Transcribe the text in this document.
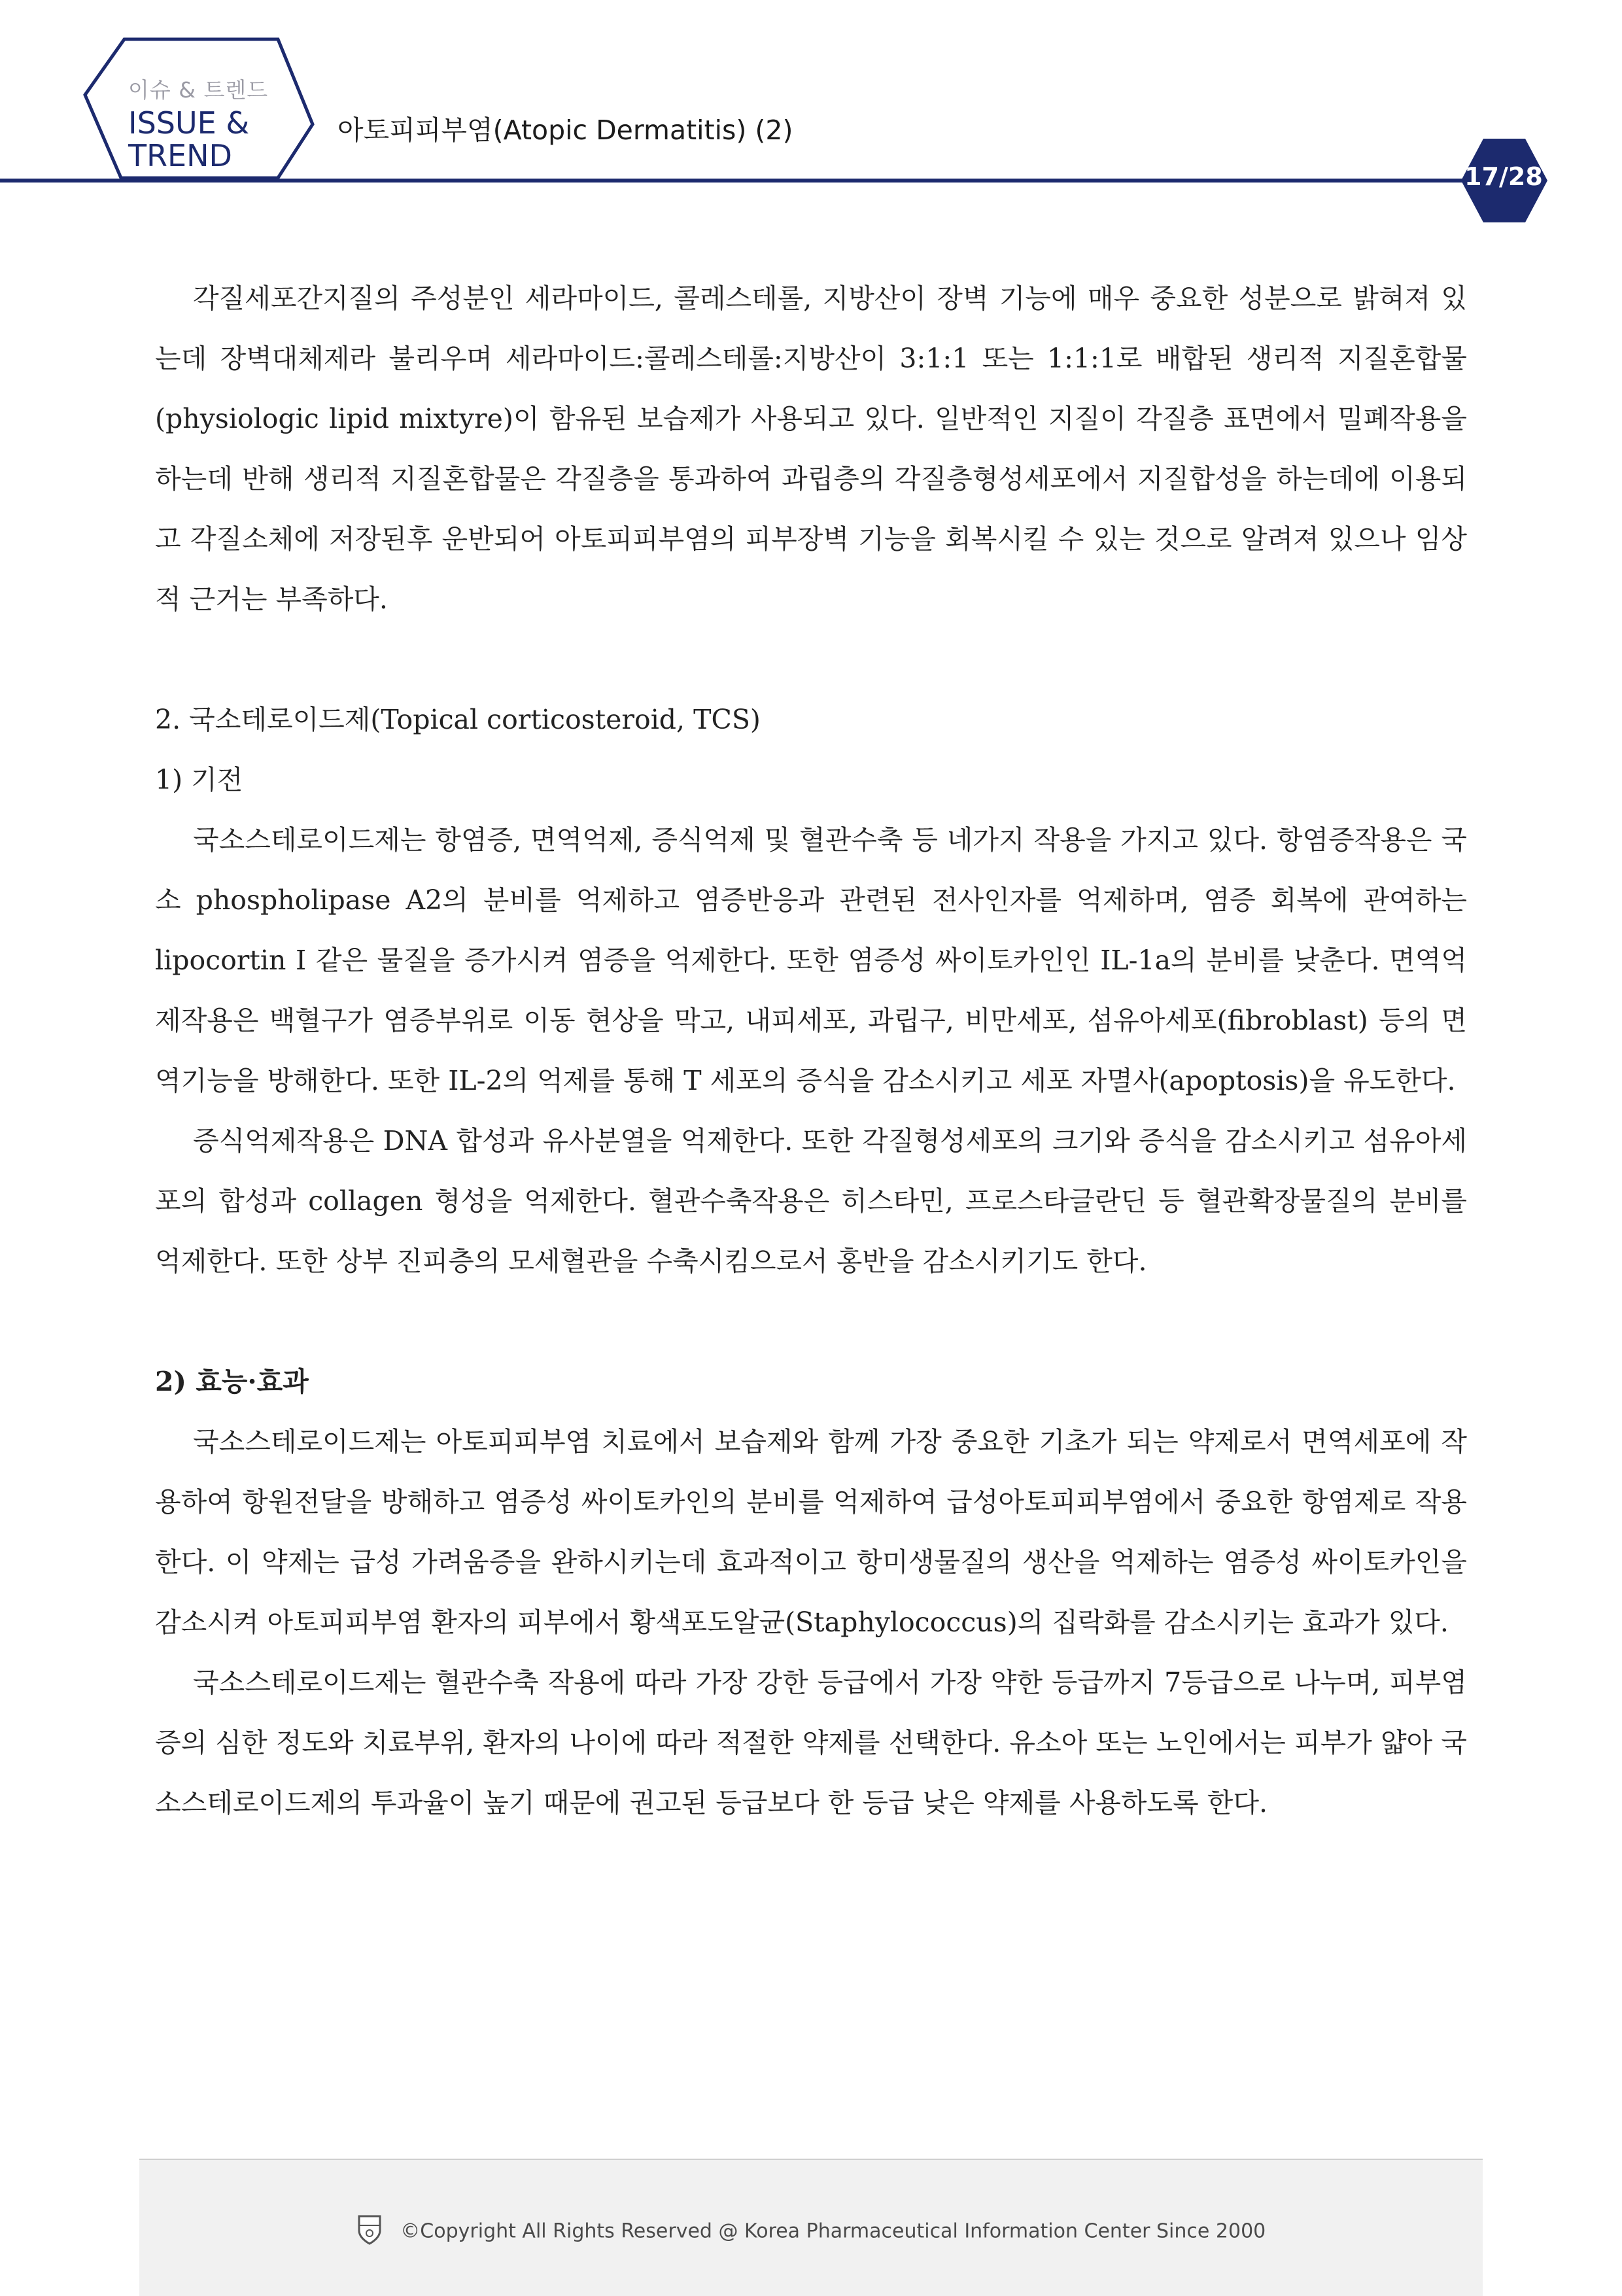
이슈 & 트렌드
ISSUE &
TREND
아토피피부염(Atopic Dermatitis) (2)
17/28

각질세포간지질의 주성분인 세라마이드, 콜레스테롤, 지방산이 장벽 기능에 매우 중요한 성분으로 밝혀져 있는데 장벽대체제라 불리우며 세라마이드:콜레스테롤:지방산이 3:1:1 또는 1:1:1로 배합된 생리적 지질혼합물(physiologic lipid mixtyre)이 함유된 보습제가 사용되고 있다. 일반적인 지질이 각질층 표면에서 밀폐작용을 하는데 반해 생리적 지질혼합물은 각질층을 통과하여 과립층의 각질층형성세포에서 지질합성을 하는데에 이용되고 각질소체에 저장된후 운반되어 아토피피부염의 피부장벽 기능을 회복시킬 수 있는 것으로 알려져 있으나 임상적 근거는 부족하다.

2. 국소테로이드제(Topical corticosteroid, TCS)

1) 기전

국소스테로이드제는 항염증, 면역억제, 증식억제 및 혈관수축 등 네가지 작용을 가지고 있다. 항염증작용은 국소 phospholipase A2의 분비를 억제하고 염증반응과 관련된 전사인자를 억제하며, 염증 회복에 관여하는 lipocortin I 같은 물질을 증가시켜 염증을 억제한다. 또한 염증성 싸이토카인인 IL-1a의 분비를 낮춘다. 면역억제작용은 백혈구가 염증부위로 이동 현상을 막고, 내피세포, 과립구, 비만세포, 섬유아세포(fibroblast) 등의 면역기능을 방해한다. 또한 IL-2의 억제를 통해 T 세포의 증식을 감소시키고 세포 자멸사(apoptosis)을 유도한다.

증식억제작용은 DNA 합성과 유사분열을 억제한다. 또한 각질형성세포의 크기와 증식을 감소시키고 섬유아세포의 합성과 collagen 형성을 억제한다. 혈관수축작용은 히스타민, 프로스타글란딘 등 혈관확장물질의 분비를 억제한다. 또한 상부 진피층의 모세혈관을 수축시킴으로서 홍반을 감소시키기도 한다.

2) 효능·효과

국소스테로이드제는 아토피피부염 치료에서 보습제와 함께 가장 중요한 기초가 되는 약제로서 면역세포에 작용하여 항원전달을 방해하고 염증성 싸이토카인의 분비를 억제하여 급성아토피피부염에서 중요한 항염제로 작용한다. 이 약제는 급성 가려움증을 완하시키는데 효과적이고 항미생물질의 생산을 억제하는 염증성 싸이토카인을 감소시켜 아토피피부염 환자의 피부에서 황색포도알균(Staphylococcus)의 집락화를 감소시키는 효과가 있다.

국소스테로이드제는 혈관수축 작용에 따라 가장 강한 등급에서 가장 약한 등급까지 7등급으로 나누며, 피부염증의 심한 정도와 치료부위, 환자의 나이에 따라 적절한 약제를 선택한다. 유소아 또는 노인에서는 피부가 얇아 국소스테로이드제의 투과율이 높기 때문에 권고된 등급보다 한 등급 낮은 약제를 사용하도록 한다.

©Copyright All Rights Reserved @ Korea Pharmaceutical Information Center Since 2000
